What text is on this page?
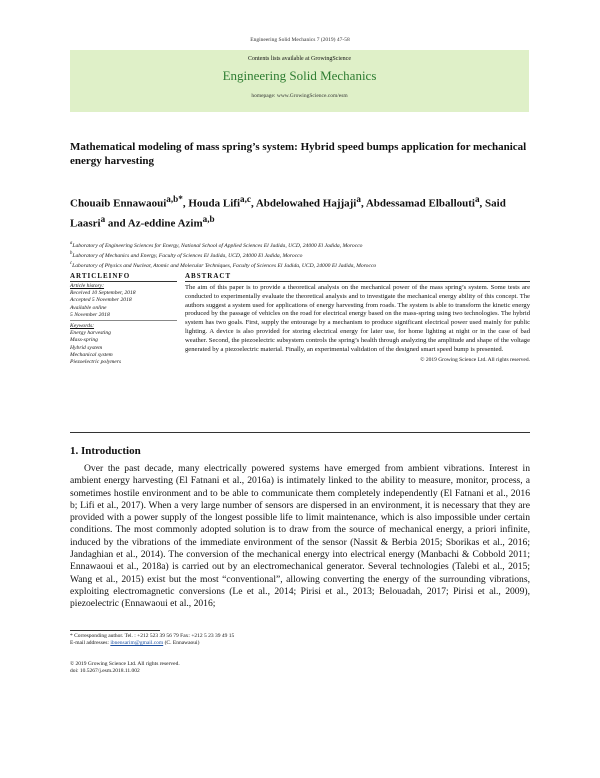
Engineering Solid Mechanics 7 (2019) 47-58
Contents lists available at GrowingScience
Engineering Solid Mechanics
homepage: www.GrowingScience.com/esm
Mathematical modeling of mass spring’s system: Hybrid speed bumps application for mechanical energy harvesting
Chouaib Ennawaoui$^{a,b*}$, Houda Lifi$^{a,c}$, Abdelowahed Hajjaji$^a$, Abdessamad Elballouti$^a$, Said Laasri$^a$ and Az-eddine Azim$^{a,b}$
$^a$Laboratory of Engineering Sciences for Energy, National School of Applied Sciences El Jadida, UCD, 24000 El Jadida, Morocco
$^b$Laboratory of Mechanics and Energy, Faculty of Sciences El Jadida, UCD, 24000 El Jadida, Morocco
$^c$Laboratory of Physics and Nuclear, Atomic and Molecular Techniques, Faculty of Sciences El Jadida, UCD, 24000 El Jadida, Morocco
ARTICLEINFO
Article history:
Received 10 September, 2018
Accepted 5 November 2018
Available online
5 November 2018
Keywords:
Energy harvesting
Mass-spring
Hybrid system
Mechanical system
Piezoelectric polymers
ABSTRACT
The aim of this paper is to provide a theoretical analysis on the mechanical power of the mass spring’s system. Some tests are conducted to experimentally evaluate the theoretical analysis and to investigate the mechanical energy ability of this concept. The authors suggest a system used for applications of energy harvesting from roads. The system is able to transform the kinetic energy produced by the passage of vehicles on the road for electrical energy based on the mass-spring using two technologies. The hybrid system has two goals. First, supply the entourage by a mechanism to produce significant electrical power used mainly for public lighting. A device is also provided for storing electrical energy for later use, for home lighting at night or in the case of bad weather. Second, the piezoelectric subsystem controls the spring’s health through analyzing the amplitude and shape of the voltage generated by a piezoelectric material. Finally, an experimental validation of the designed smart speed bump is presented.
© 2019 Growing Science Ltd. All rights reserved.
1. Introduction

Over the past decade, many electrically powered systems have emerged from ambient vibrations. Interest in ambient energy harvesting (El Fatnani et al., 2016a) is intimately linked to the ability to measure, monitor, process, a sometimes hostile environment and to be able to communicate them completely independently (El Fatnani et al., 2016 b; Lifi et al., 2017). When a very large number of sensors are dispersed in an environment, it is necessary that they are provided with a power supply of the longest possible life to limit maintenance, which is also impossible under certain conditions. The most commonly adopted solution is to draw from the source of mechanical energy, a priori infinite, induced by the vibrations of the immediate environment of the sensor (Nassit & Berbia 2015; Sborikas et al., 2016; Jandaghian et al., 2014). The conversion of the mechanical energy into electrical energy (Manbachi & Cobbold 2011; Ennawaoui et al., 2018a) is carried out by an electromechanical generator. Several technologies (Talebi et al., 2015; Wang et al., 2015) exist but the most “conventional”, allowing converting the energy of the surrounding vibrations, exploiting electromagnetic conversions (Le et al., 2014; Pirisi et al., 2013; Belouadah, 2017; Pirisi et al., 2009), piezoelectric (Ennawaoui et al., 2016;

* Corresponding author. Tel. : +212 523 39 56 79 Fax: +212 5 23 39 49 15
E-mail addresses: ibnensarim@gmail.com (C. Ennawaoui)
© 2019 Growing Science Ltd. All rights reserved.
doi: 10.5267/j.esm.2018.11.002
